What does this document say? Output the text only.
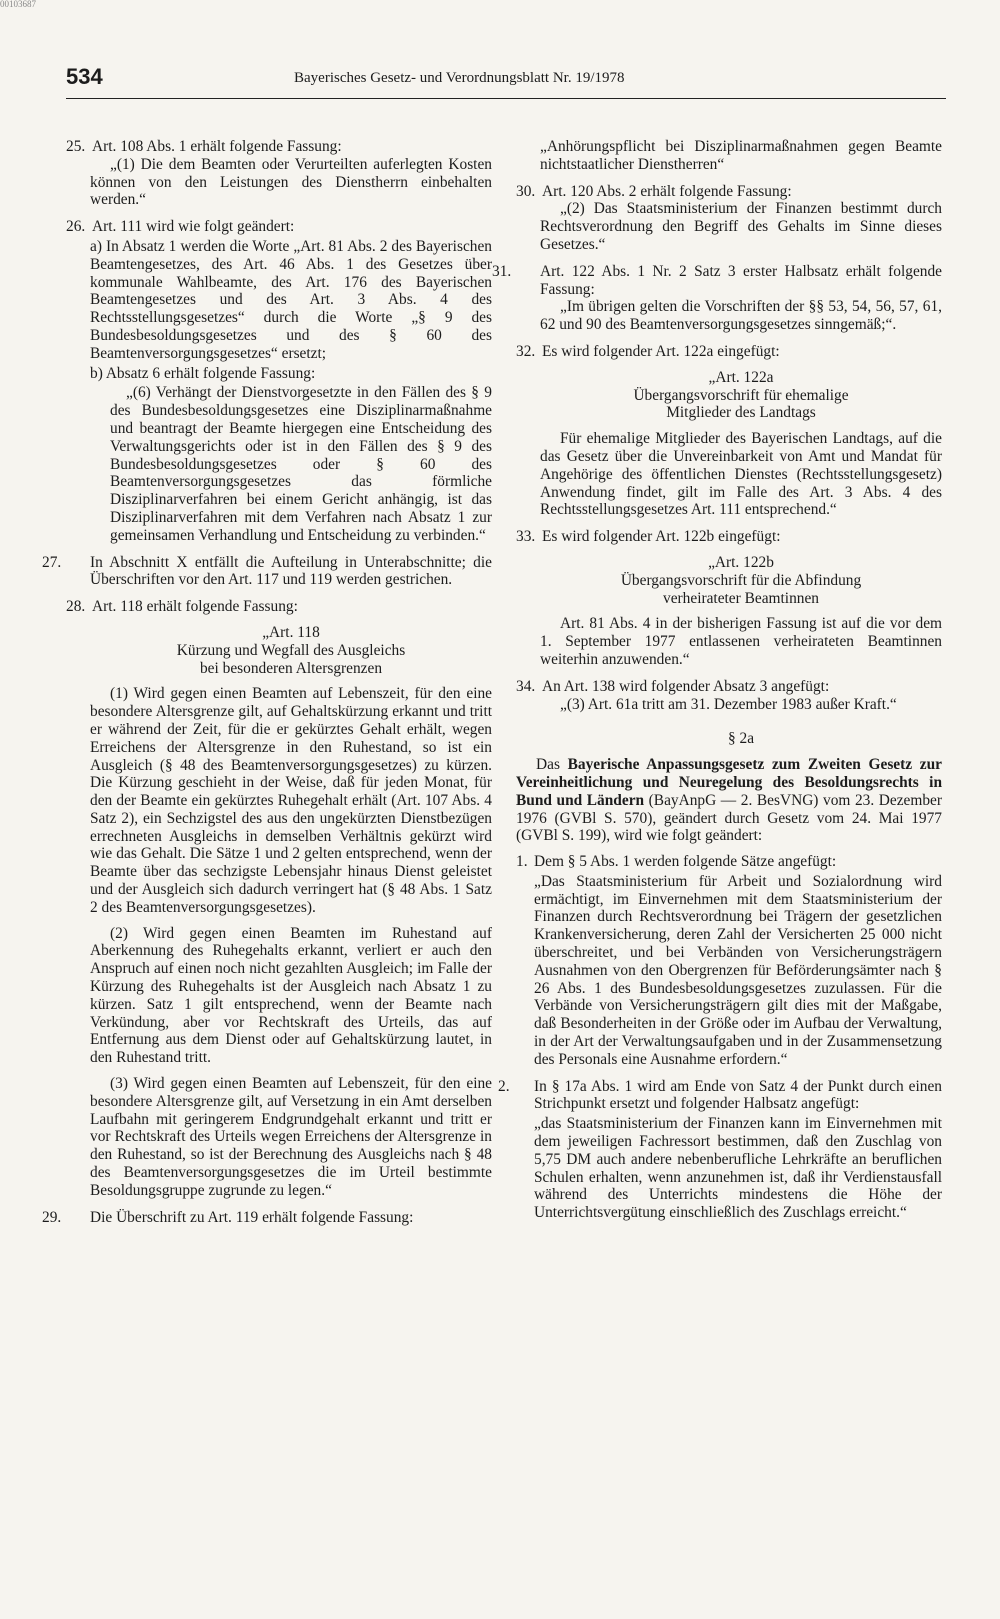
00103687
534	Bayerisches Gesetz- und Verordnungsblatt Nr. 19/1978

25. Art. 108 Abs. 1 erhält folgende Fassung:

„(1) Die dem Beamten oder Verurteilten auferlegten Kosten können von den Leistungen des Dienstherrn einbehalten werden.“

26. Art. 111 wird wie folgt geändert:

a) In Absatz 1 werden die Worte „Art. 81 Abs. 2 des Bayerischen Beamtengesetzes, des Art. 46 Abs. 1 des Gesetzes über kommunale Wahlbeamte, des Art. 176 des Bayerischen Beamtengesetzes und des Art. 3 Abs. 4 des Rechtsstellungsgesetzes“ durch die Worte „§ 9 des Bundesbesoldungsgesetzes und des § 60 des Beamtenversorgungsgesetzes“ ersetzt;

b) Absatz 6 erhält folgende Fassung:

„(6) Verhängt der Dienstvorgesetzte in den Fällen des § 9 des Bundesbesoldungsgesetzes eine Disziplinarmaßnahme und beantragt der Beamte hiergegen eine Entscheidung des Verwaltungsgerichts oder ist in den Fällen des § 9 des Bundesbesoldungsgesetzes oder § 60 des Beamtenversorgungsgesetzes das förmliche Disziplinarverfahren bei einem Gericht anhängig, ist das Disziplinarverfahren mit dem Verfahren nach Absatz 1 zur gemeinsamen Verhandlung und Entscheidung zu verbinden.“

27. In Abschnitt X entfällt die Aufteilung in Unterabschnitte; die Überschriften vor den Art. 117 und 119 werden gestrichen.

28. Art. 118 erhält folgende Fassung:

„Art. 118

Kürzung und Wegfall des Ausgleichs

bei besonderen Altersgrenzen

(1) Wird gegen einen Beamten auf Lebenszeit, für den eine besondere Altersgrenze gilt, auf Gehaltskürzung erkannt und tritt er während der Zeit, für die er gekürztes Gehalt erhält, wegen Erreichens der Altersgrenze in den Ruhestand, so ist ein Ausgleich (§ 48 des Beamtenversorgungsgesetzes) zu kürzen. Die Kürzung geschieht in der Weise, daß für jeden Monat, für den der Beamte ein gekürztes Ruhegehalt erhält (Art. 107 Abs. 4 Satz 2), ein Sechzigstel des aus den ungekürzten Dienstbezügen errechneten Ausgleichs in demselben Verhältnis gekürzt wird wie das Gehalt. Die Sätze 1 und 2 gelten entsprechend, wenn der Beamte über das sechzigste Lebensjahr hinaus Dienst geleistet und der Ausgleich sich dadurch verringert hat (§ 48 Abs. 1 Satz 2 des Beamtenversorgungsgesetzes).

(2) Wird gegen einen Beamten im Ruhestand auf Aberkennung des Ruhegehalts erkannt, verliert er auch den Anspruch auf einen noch nicht gezahlten Ausgleich; im Falle der Kürzung des Ruhegehalts ist der Ausgleich nach Absatz 1 zu kürzen. Satz 1 gilt entsprechend, wenn der Beamte nach Verkündung, aber vor Rechtskraft des Urteils, das auf Entfernung aus dem Dienst oder auf Gehaltskürzung lautet, in den Ruhestand tritt.

(3) Wird gegen einen Beamten auf Lebenszeit, für den eine besondere Altersgrenze gilt, auf Versetzung in ein Amt derselben Laufbahn mit geringerem Endgrundgehalt erkannt und tritt er vor Rechtskraft des Urteils wegen Erreichens der Altersgrenze in den Ruhestand, so ist der Berechnung des Ausgleichs nach § 48 des Beamtenversorgungsgesetzes die im Urteil bestimmte Besoldungsgruppe zugrunde zu legen.“

29. Die Überschrift zu Art. 119 erhält folgende Fassung:

„Anhörungspflicht bei Disziplinarmaßnahmen gegen Beamte nichtstaatlicher Dienstherren“

30. Art. 120 Abs. 2 erhält folgende Fassung:

„(2) Das Staatsministerium der Finanzen bestimmt durch Rechtsverordnung den Begriff des Gehalts im Sinne dieses Gesetzes.“

31. Art. 122 Abs. 1 Nr. 2 Satz 3 erster Halbsatz erhält folgende Fassung:

„Im übrigen gelten die Vorschriften der §§ 53, 54, 56, 57, 61, 62 und 90 des Beamtenversorgungsgesetzes sinngemäß;“.

32. Es wird folgender Art. 122a eingefügt:

„Art. 122a

Übergangsvorschrift für ehemalige

Mitglieder des Landtags

Für ehemalige Mitglieder des Bayerischen Landtags, auf die das Gesetz über die Unvereinbarkeit von Amt und Mandat für Angehörige des öffentlichen Dienstes (Rechtsstellungsgesetz) Anwendung findet, gilt im Falle des Art. 3 Abs. 4 des Rechtsstellungsgesetzes Art. 111 entsprechend.“

33. Es wird folgender Art. 122b eingefügt:

„Art. 122b

Übergangsvorschrift für die Abfindung

verheirateter Beamtinnen

Art. 81 Abs. 4 in der bisherigen Fassung ist auf die vor dem 1. September 1977 entlassenen verheirateten Beamtinnen weiterhin anzuwenden.“

34. An Art. 138 wird folgender Absatz 3 angefügt:

„(3) Art. 61a tritt am 31. Dezember 1983 außer Kraft.“

§ 2a

Das Bayerische Anpassungsgesetz zum Zweiten Gesetz zur Vereinheitlichung und Neuregelung des Besoldungsrechts in Bund und Ländern (BayAnpG — 2. BesVNG) vom 23. Dezember 1976 (GVBl S. 570), geändert durch Gesetz vom 24. Mai 1977 (GVBl S. 199), wird wie folgt geändert:

1. Dem § 5 Abs. 1 werden folgende Sätze angefügt:

„Das Staatsministerium für Arbeit und Sozialordnung wird ermächtigt, im Einvernehmen mit dem Staatsministerium der Finanzen durch Rechtsverordnung bei Trägern der gesetzlichen Krankenversicherung, deren Zahl der Versicherten 25 000 nicht überschreitet, und bei Verbänden von Versicherungsträgern Ausnahmen von den Obergrenzen für Beförderungsämter nach § 26 Abs. 1 des Bundesbesoldungsgesetzes zuzulassen. Für die Verbände von Versicherungsträgern gilt dies mit der Maßgabe, daß Besonderheiten in der Größe oder im Aufbau der Verwaltung, in der Art der Verwaltungsaufgaben und in der Zusammensetzung des Personals eine Ausnahme erfordern.“

2. In § 17a Abs. 1 wird am Ende von Satz 4 der Punkt durch einen Strichpunkt ersetzt und folgender Halbsatz angefügt:

„das Staatsministerium der Finanzen kann im Einvernehmen mit dem jeweiligen Fachressort bestimmen, daß den Zuschlag von 5,75 DM auch andere nebenberufliche Lehrkräfte an beruflichen Schulen erhalten, wenn anzunehmen ist, daß ihr Verdienstausfall während des Unterrichts mindestens die Höhe der Unterrichtsvergütung einschließlich des Zuschlags erreicht.“
